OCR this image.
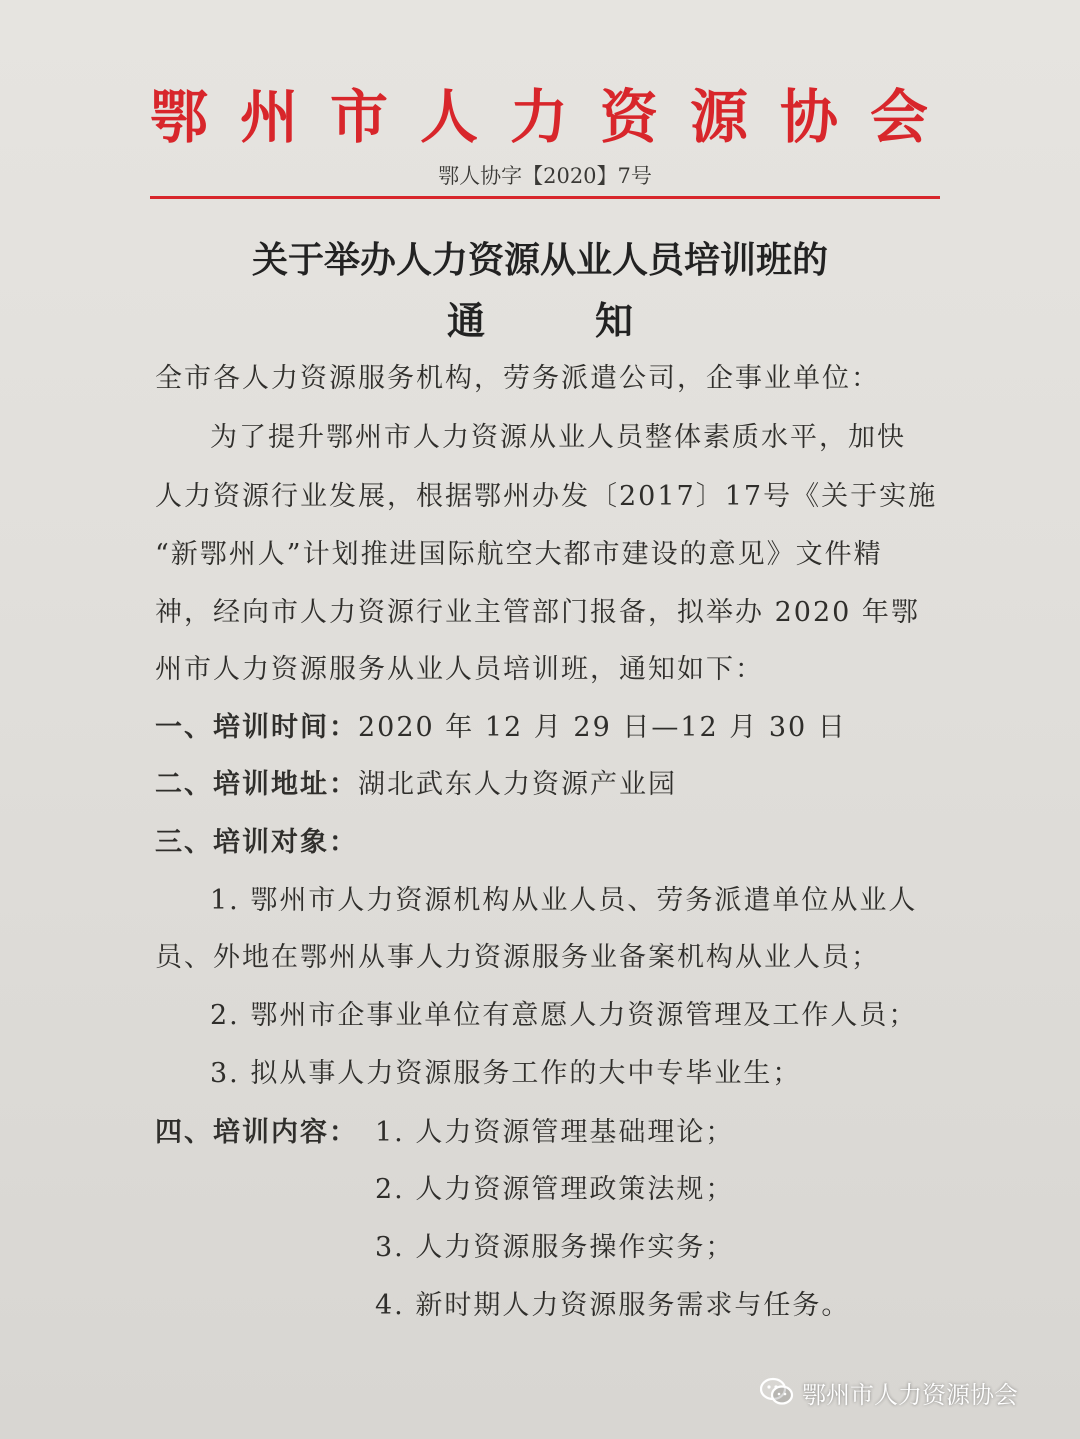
鄂州市人力资源协会
鄂人协字【2020】7号
关于举办人力资源从业人员培训班的
通知
全市各人力资源服务机构，劳务派遣公司，企事业单位：
为了提升鄂州市人力资源从业人员整体素质水平，加快
人力资源行业发展，根据鄂州办发〔2017〕17号《关于实施
“新鄂州人”计划推进国际航空大都市建设的意见》文件精
神，经向市人力资源行业主管部门报备，拟举办 2020 年鄂
州市人力资源服务从业人员培训班，通知如下：
一、培训时间：2020 年 12 月 29 日—12 月 30 日
二、培训地址：湖北武东人力资源产业园
三、培训对象：
1. 鄂州市人力资源机构从业人员、劳务派遣单位从业人
员、外地在鄂州从事人力资源服务业备案机构从业人员；
2. 鄂州市企事业单位有意愿人力资源管理及工作人员；
3. 拟从事人力资源服务工作的大中专毕业生；
四、培训内容： 1. 人力资源管理基础理论；
2. 人力资源管理政策法规；
3. 人力资源服务操作实务；
4. 新时期人力资源服务需求与任务。
鄂州市人力资源协会
